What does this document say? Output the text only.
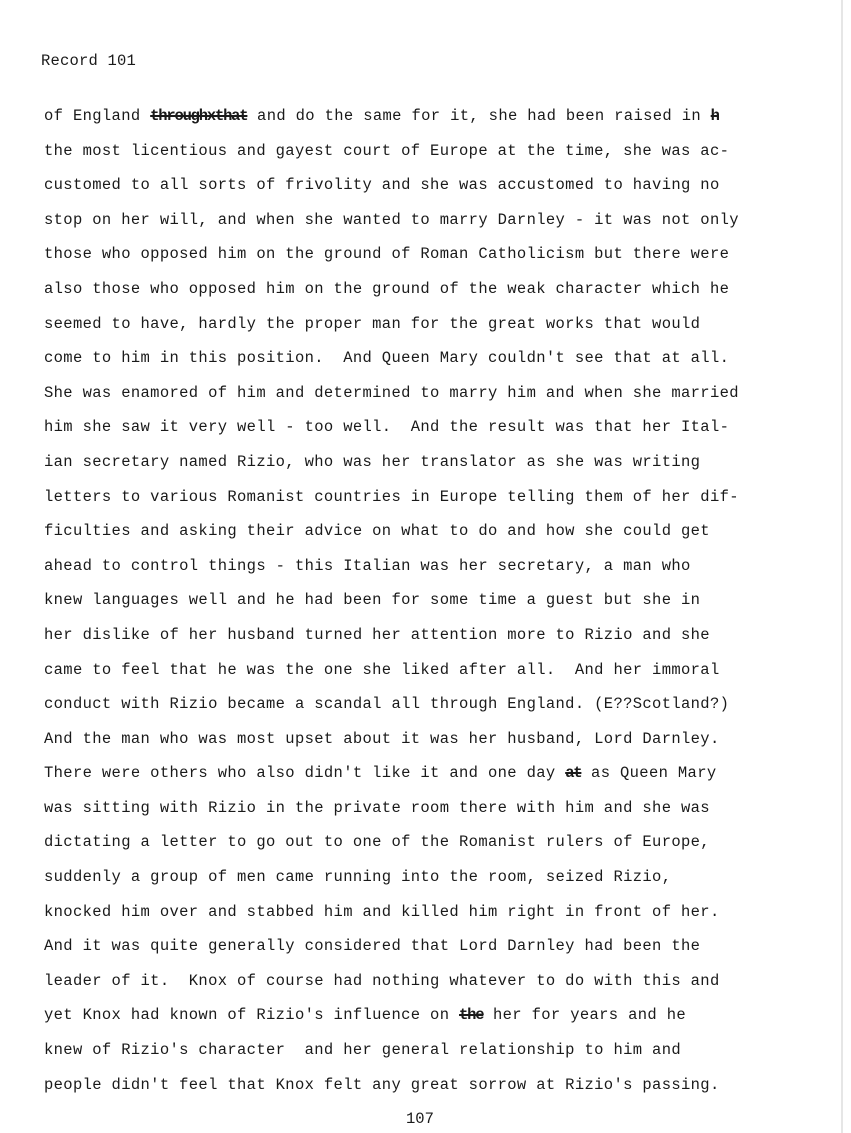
Record 101
of England throughxthat and do the same for it, she had been raised in h
the most licentious and gayest court of Europe at the time, she was ac-
customed to all sorts of frivolity and she was accustomed to having no
stop on her will, and when she wanted to marry Darnley - it was not only
those who opposed him on the ground of Roman Catholicism but there were
also those who opposed him on the ground of the weak character which he
seemed to have, hardly the proper man for the great works that would
come to him in this position.  And Queen Mary couldn't see that at all.
She was enamored of him and determined to marry him and when she married
him she saw it very well - too well.  And the result was that her Ital-
ian secretary named Rizio, who was her translator as she was writing
letters to various Romanist countries in Europe telling them of her dif-
ficulties and asking their advice on what to do and how she could get
ahead to control things - this Italian was her secretary, a man who
knew languages well and he had been for some time a guest but she in
her dislike of her husband turned her attention more to Rizio and she
came to feel that he was the one she liked after all.  And her immoral
conduct with Rizio became a scandal all through England. (E??Scotland?)
And the man who was most upset about it was her husband, Lord Darnley.
There were others who also didn't like it and one day at as Queen Mary
was sitting with Rizio in the private room there with him and she was
dictating a letter to go out to one of the Romanist rulers of Europe,
suddenly a group of men came running into the room, seized Rizio,
knocked him over and stabbed him and killed him right in front of her.
And it was quite generally considered that Lord Darnley had been the
leader of it.  Knox of course had nothing whatever to do with this and
yet Knox had known of Rizio's influence on the her for years and he
knew of Rizio's character  and her general relationship to him and
people didn't feel that Knox felt any great sorrow at Rizio's passing.
107
